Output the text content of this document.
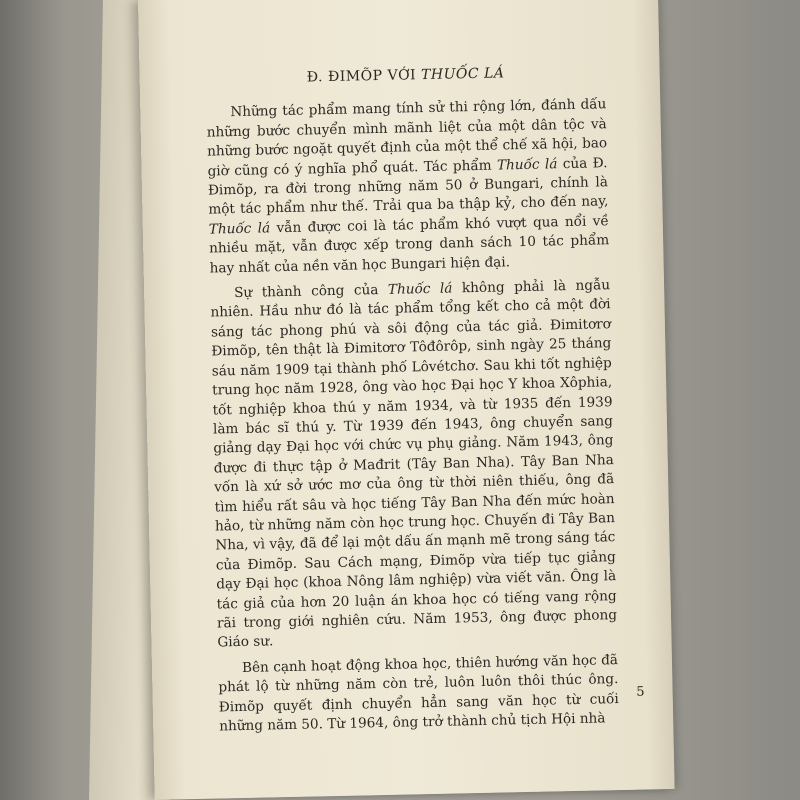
Đ. ĐIMÕP VỚI THUỐC LÁ

Những tác phẩm mang tính sử thi rộng lớn, đánh dấu những bước chuyển mình mãnh liệt của một dân tộc và những bước ngoặt quyết định của một thể chế xã hội, bao giờ cũng có ý nghĩa phổ quát. Tác phẩm Thuốc lá của Đ. Đimõp, ra đời trong những năm 50 ở Bungari, chính là một tác phẩm như thế. Trải qua ba thập kỷ, cho đến nay, Thuốc lá vẫn được coi là tác phẩm khó vượt qua nổi về nhiều mặt, vẫn được xếp trong danh sách 10 tác phẩm hay nhất của nền văn học Bungari hiện đại.

Sự thành công của Thuốc lá không phải là ngẫu nhiên. Hầu như đó là tác phẩm tổng kết cho cả một đời sáng tác phong phú và sôi động của tác giả. Đimitơrơ Đimõp, tên thật là Đimitơrơ Tôđôrôp, sinh ngày 25 tháng sáu năm 1909 tại thành phố Lôvétchơ. Sau khi tốt nghiệp trung học năm 1928, ông vào học Đại học Y khoa Xôphia, tốt nghiệp khoa thú y năm 1934, và từ 1935 đến 1939 làm bác sĩ thú y. Từ 1939 đến 1943, ông chuyển sang giảng dạy Đại học với chức vụ phụ giảng. Năm 1943, ông được đi thực tập ở Mađrit (Tây Ban Nha). Tây Ban Nha vốn là xứ sở ước mơ của ông từ thời niên thiếu, ông đã tìm hiểu rất sâu và học tiếng Tây Ban Nha đến mức hoàn hảo, từ những năm còn học trung học. Chuyến đi Tây Ban Nha, vì vậy, đã để lại một dấu ấn mạnh mẽ trong sáng tác của Đimõp. Sau Cách mạng, Đimõp vừa tiếp tục giảng dạy Đại học (khoa Nông lâm nghiệp) vừa viết văn. Ông là tác giả của hơn 20 luận án khoa học có tiếng vang rộng rãi trong giới nghiên cứu. Năm 1953, ông được phong Giáo sư.

Bên cạnh hoạt động khoa học, thiên hướng văn học đã phát lộ từ những năm còn trẻ, luôn luôn thôi thúc ông. Đimõp quyết định chuyển hẳn sang văn học từ cuối những năm 50. Từ 1964, ông trở thành chủ tịch Hội nhà

5
